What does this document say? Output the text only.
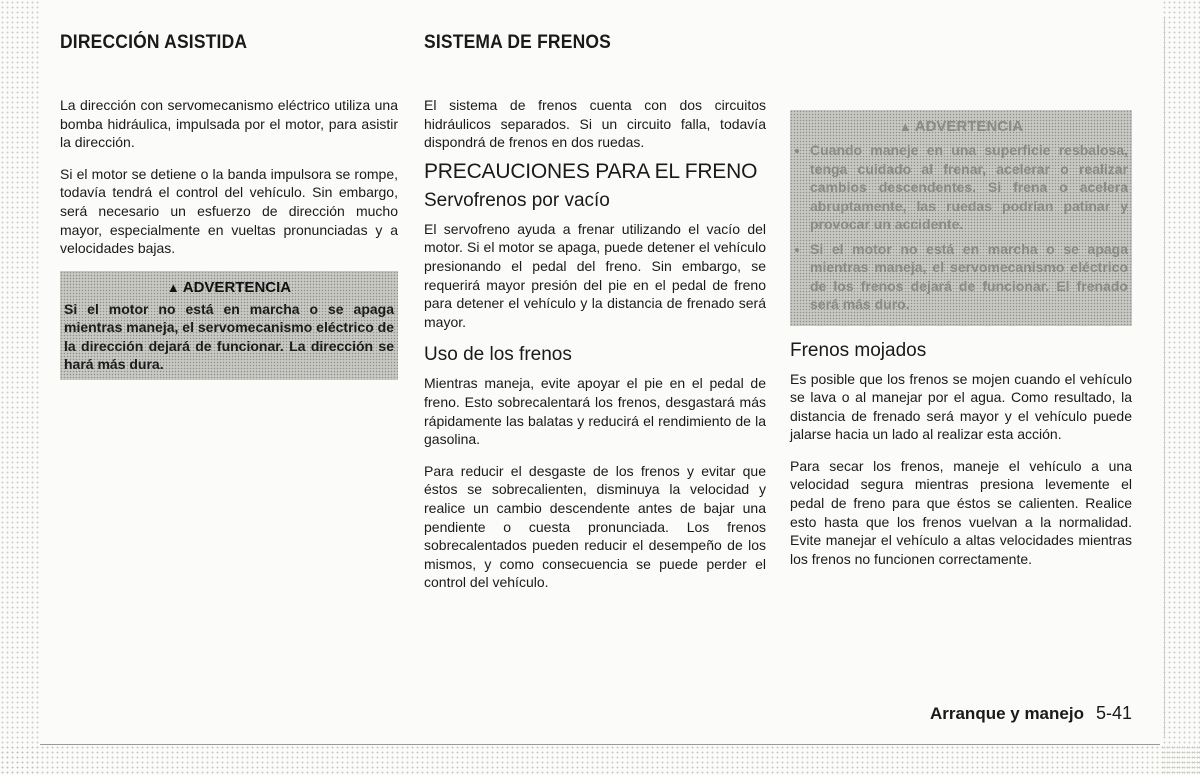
DIRECCIÓN ASISTIDA

La dirección con servomecanismo eléctrico utiliza una bomba hidráulica, impulsada por el motor, para asistir la dirección.

Si el motor se detiene o la banda impulsora se rompe, todavía tendrá el control del vehículo. Sin embargo, será necesario un esfuerzo de dirección mucho mayor, especialmente en vueltas pronunciadas y a velocidades bajas.

▲ ADVERTENCIA

Si el motor no está en marcha o se apaga mientras maneja, el servomecanismo eléctrico de la dirección dejará de funcionar. La dirección se hará más dura.

SISTEMA DE FRENOS

El sistema de frenos cuenta con dos circuitos hidráulicos separados. Si un circuito falla, todavía dispondrá de frenos en dos ruedas.

PRECAUCIONES PARA EL FRENO
Servofrenos por vacío

El servofreno ayuda a frenar utilizando el vacío del motor. Si el motor se apaga, puede detener el vehículo presionando el pedal del freno. Sin embargo, se requerirá mayor presión del pie en el pedal de freno para detener el vehículo y la distancia de frenado será mayor.

Uso de los frenos

Mientras maneja, evite apoyar el pie en el pedal de freno. Esto sobrecalentará los frenos, desgastará más rápidamente las balatas y reducirá el rendimiento de la gasolina.

Para reducir el desgaste de los frenos y evitar que éstos se sobrecalienten, disminuya la velocidad y realice un cambio descendente antes de bajar una pendiente o cuesta pronunciada. Los frenos sobrecalentados pueden reducir el desempeño de los mismos, y como consecuencia se puede perder el control del vehículo.

▲ ADVERTENCIA
• Cuando maneje en una superficie resbalosa, tenga cuidado al frenar, acelerar o realizar cambios descendentes. Si frena o acelera abruptamente, las ruedas podrían patinar y provocar un accidente.
• Si el motor no está en marcha o se apaga mientras maneja, el servomecanismo eléctrico de los frenos dejará de funcionar. El frenado será más duro.
Frenos mojados

Es posible que los frenos se mojen cuando el vehículo se lava o al manejar por el agua. Como resultado, la distancia de frenado será mayor y el vehículo puede jalarse hacia un lado al realizar esta acción.

Para secar los frenos, maneje el vehículo a una velocidad segura mientras presiona levemente el pedal de freno para que éstos se calienten. Realice esto hasta que los frenos vuelvan a la normalidad. Evite manejar el vehículo a altas velocidades mientras los frenos no funcionen correctamente.

Arranque y manejo 5-41
